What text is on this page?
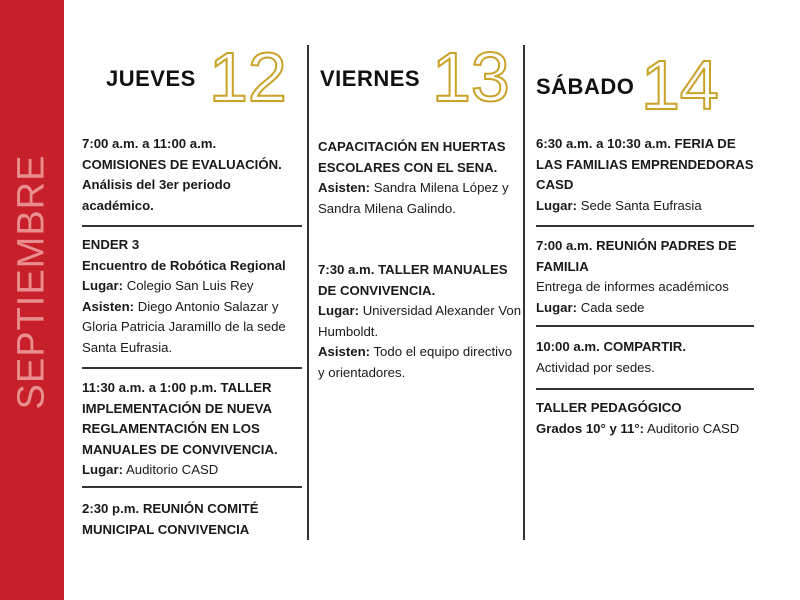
SEPTIEMBRE
JUEVES 12
7:00 a.m. a 11:00 a.m. COMISIONES DE EVALUACIÓN.
Análisis del 3er periodo académico.
ENDER 3
Encuentro de Robótica Regional
Lugar: Colegio San Luis Rey
Asisten: Diego Antonio Salazar y Gloria Patricia Jaramillo de la sede Santa Eufrasia.
11:30 a.m. a 1:00 p.m. TALLER IMPLEMENTACIÓN DE NUEVA REGLAMENTACIÓN EN LOS MANUALES DE CONVIVENCIA.
Lugar: Auditorio CASD
2:30 p.m. REUNIÓN COMITÉ MUNICIPAL CONVIVENCIA
VIERNES 13
CAPACITACIÓN EN HUERTAS ESCOLARES CON EL SENA.
Asisten: Sandra Milena López y Sandra Milena Galindo.
7:30 a.m. TALLER MANUALES DE CONVIVENCIA.
Lugar: Universidad Alexander Von Humboldt.
Asisten: Todo el equipo directivo y orientadores.
SÁBADO 14
6:30 a.m. a 10:30 a.m. FERIA DE LAS FAMILIAS EMPRENDEDORAS CASD
Lugar: Sede Santa Eufrasia
7:00 a.m. REUNIÓN PADRES DE FAMILIA
Entrega de informes académicos
Lugar: Cada sede
10:00 a.m. COMPARTIR.
Actividad por sedes.
TALLER PEDAGÓGICO
Grados 10° y 11°: Auditorio CASD
